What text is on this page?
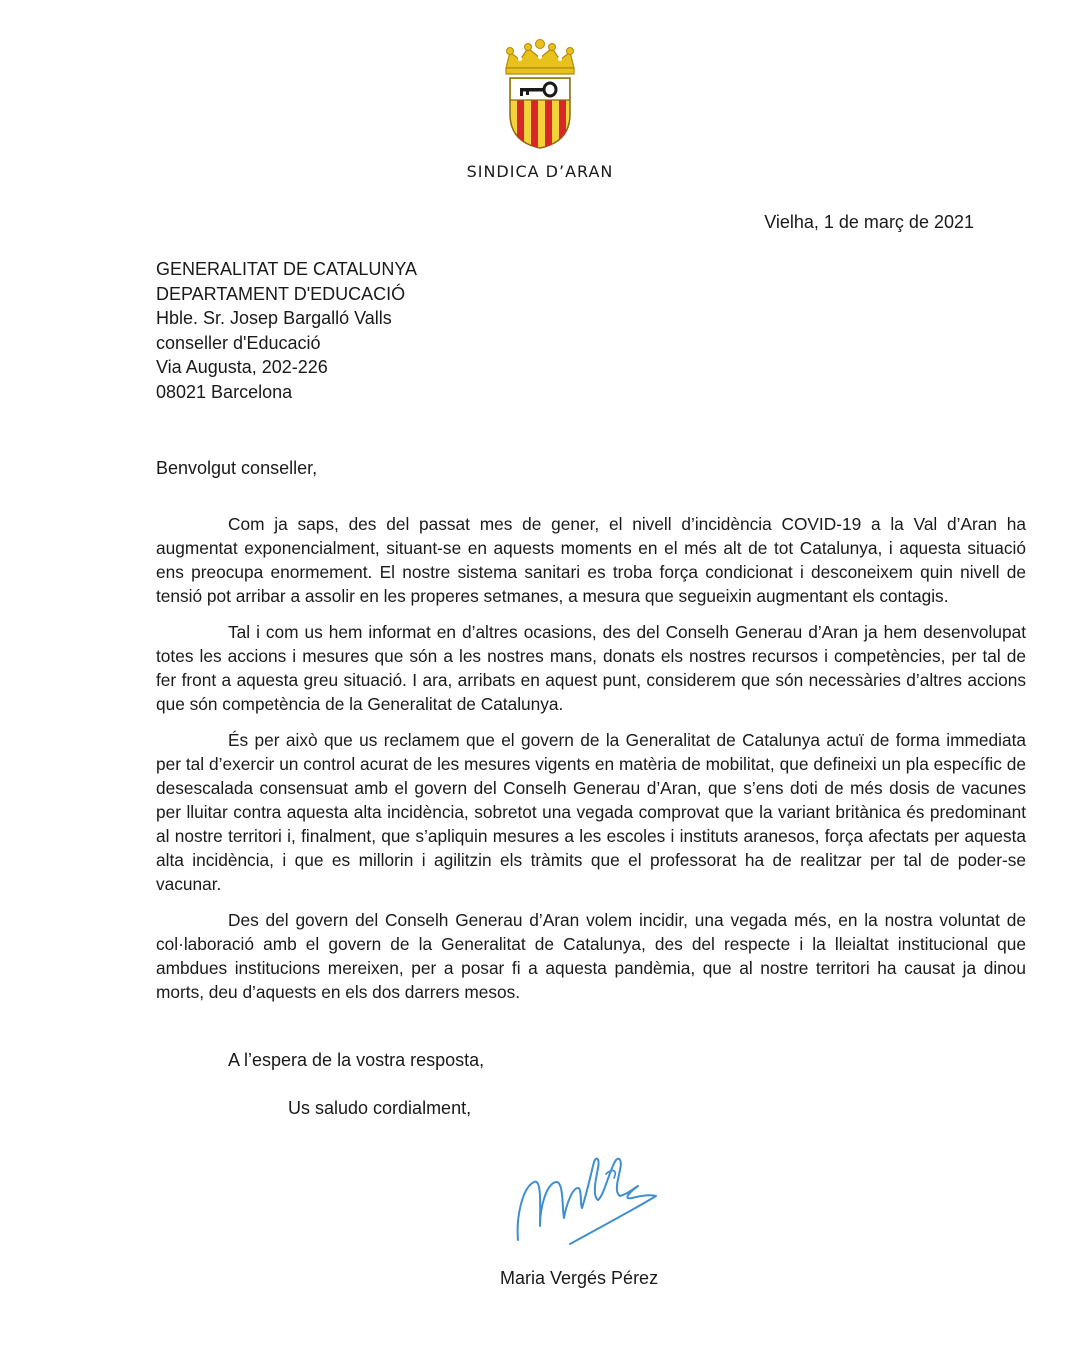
SINDICA D’ARAN
Vielha, 1 de març de 2021
GENERALITAT DE CATALUNYA
DEPARTAMENT D'EDUCACIÓ
Hble. Sr. Josep Bargalló Valls
conseller d'Educació
Via Augusta, 202-226
08021 Barcelona
Benvolgut conseller,

Com ja saps, des del passat mes de gener, el nivell d’incidència COVID-19 a la Val d’Aran ha augmentat exponencialment, situant-se en aquests moments en el més alt de tot Catalunya, i aquesta situació ens preocupa enormement. El nostre sistema sanitari es troba força condicionat i desconeixem quin nivell de tensió pot arribar a assolir en les properes setmanes, a mesura que segueixin augmentant els contagis.

Tal i com us hem informat en d’altres ocasions, des del Conselh Generau d’Aran ja hem desenvolupat totes les accions i mesures que són a les nostres mans, donats els nostres recursos i competències, per tal de fer front a aquesta greu situació. I ara, arribats en aquest punt, considerem que són necessàries d’altres accions que són competència de la Generalitat de Catalunya.

És per això que us reclamem que el govern de la Generalitat de Catalunya actuï de forma immediata per tal d’exercir un control acurat de les mesures vigents en matèria de mobilitat, que defineixi un pla específic de desescalada consensuat amb el govern del Conselh Generau d’Aran, que s’ens doti de més dosis de vacunes per lluitar contra aquesta alta incidència, sobretot una vegada comprovat que la variant britànica és predominant al nostre territori i, finalment, que s’apliquin mesures a les escoles i instituts aranesos, força afectats per aquesta alta incidència, i que es millorin i agilitzin els tràmits que el professorat ha de realitzar per tal de poder-se vacunar.

Des del govern del Conselh Generau d’Aran volem incidir, una vegada més, en la nostra voluntat de col·laboració amb el govern de la Generalitat de Catalunya, des del respecte i la lleialtat institucional que ambdues institucions mereixen, per a posar fi a aquesta pandèmia, que al nostre territori ha causat ja dinou morts, deu d’aquests en els dos darrers mesos.

A l’espera de la vostra resposta,
Us saludo cordialment,
Maria Vergés Pérez
